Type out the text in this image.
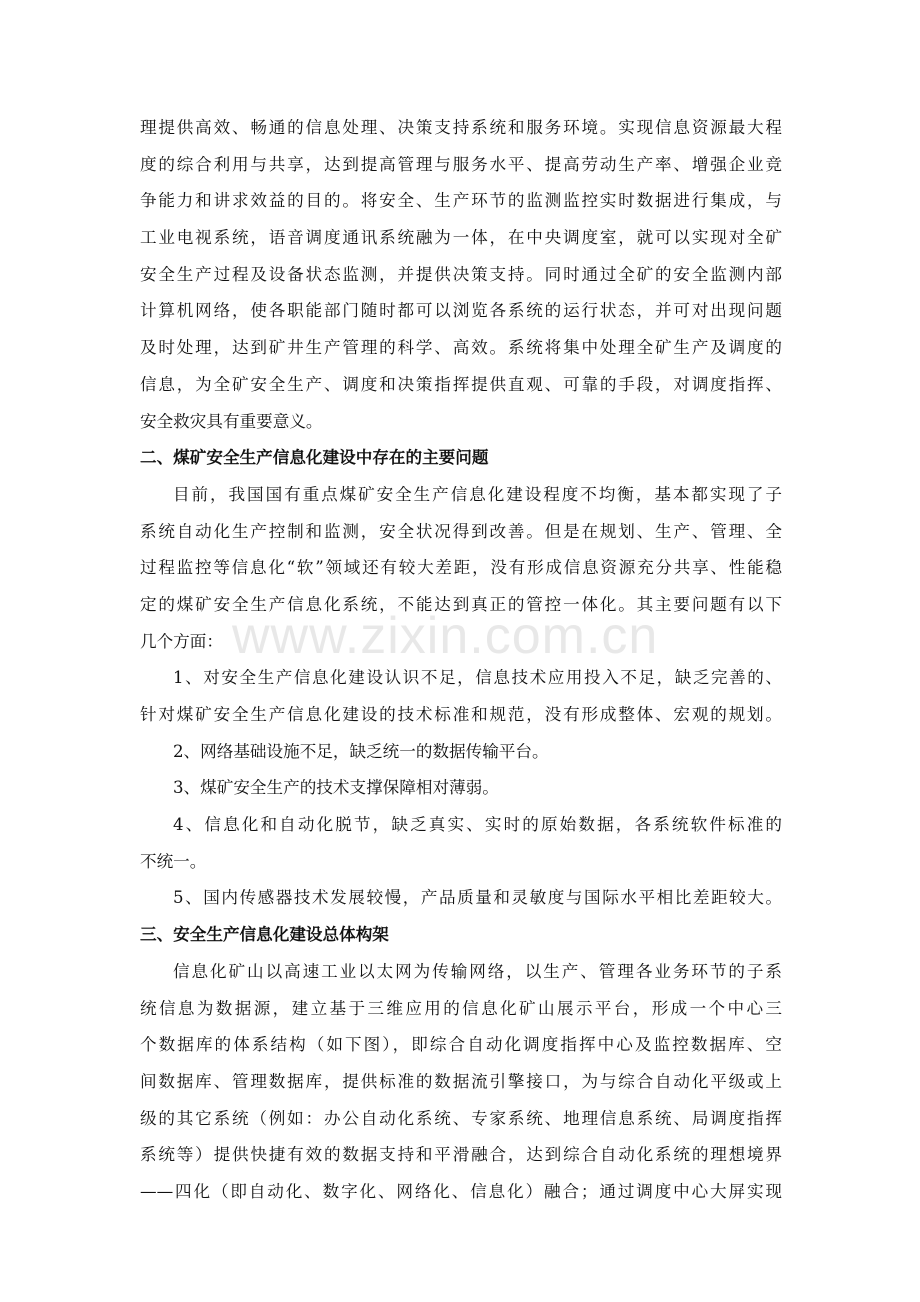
理提供高效、畅通的信息处理、决策支持系统和服务环境。实现信息资源最大程
度的综合利用与共享，达到提高管理与服务水平、提高劳动生产率、增强企业竞
争能力和讲求效益的目的。将安全、生产环节的监测监控实时数据进行集成，与
工业电视系统，语音调度通讯系统融为一体，在中央调度室，就可以实现对全矿
安全生产过程及设备状态监测，并提供决策支持。同时通过全矿的安全监测内部
计算机网络，使各职能部门随时都可以浏览各系统的运行状态，并可对出现问题
及时处理，达到矿井生产管理的科学、高效。系统将集中处理全矿生产及调度的
信息，为全矿安全生产、调度和决策指挥提供直观、可靠的手段，对调度指挥、
安全救灾具有重要意义。
二、煤矿安全生产信息化建设中存在的主要问题
目前，我国国有重点煤矿安全生产信息化建设程度不均衡，基本都实现了子
系统自动化生产控制和监测，安全状况得到改善。但是在规划、生产、管理、全
过程监控等信息化“软”领域还有较大差距，没有形成信息资源充分共享、性能稳
定的煤矿安全生产信息化系统，不能达到真正的管控一体化。其主要问题有以下
几个方面：
1、对安全生产信息化建设认识不足，信息技术应用投入不足，缺乏完善的、
针对煤矿安全生产信息化建设的技术标准和规范，没有形成整体、宏观的规划。
2、网络基础设施不足，缺乏统一的数据传输平台。
3、煤矿安全生产的技术支撑保障相对薄弱。
4、信息化和自动化脱节，缺乏真实、实时的原始数据，各系统软件标准的
不统一。
5、国内传感器技术发展较慢，产品质量和灵敏度与国际水平相比差距较大。
三、安全生产信息化建设总体构架
信息化矿山以高速工业以太网为传输网络，以生产、管理各业务环节的子系
统信息为数据源，建立基于三维应用的信息化矿山展示平台，形成一个中心三
个数据库的体系结构（如下图），即综合自动化调度指挥中心及监控数据库、空
间数据库、管理数据库，提供标准的数据流引擎接口，为与综合自动化平级或上
级的其它系统（例如：办公自动化系统、专家系统、地理信息系统、局调度指挥
系统等）提供快捷有效的数据支持和平滑融合，达到综合自动化系统的理想境界
——四化（即自动化、数字化、网络化、信息化）融合；通过调度中心大屏实现
www.zixin.com.cn
